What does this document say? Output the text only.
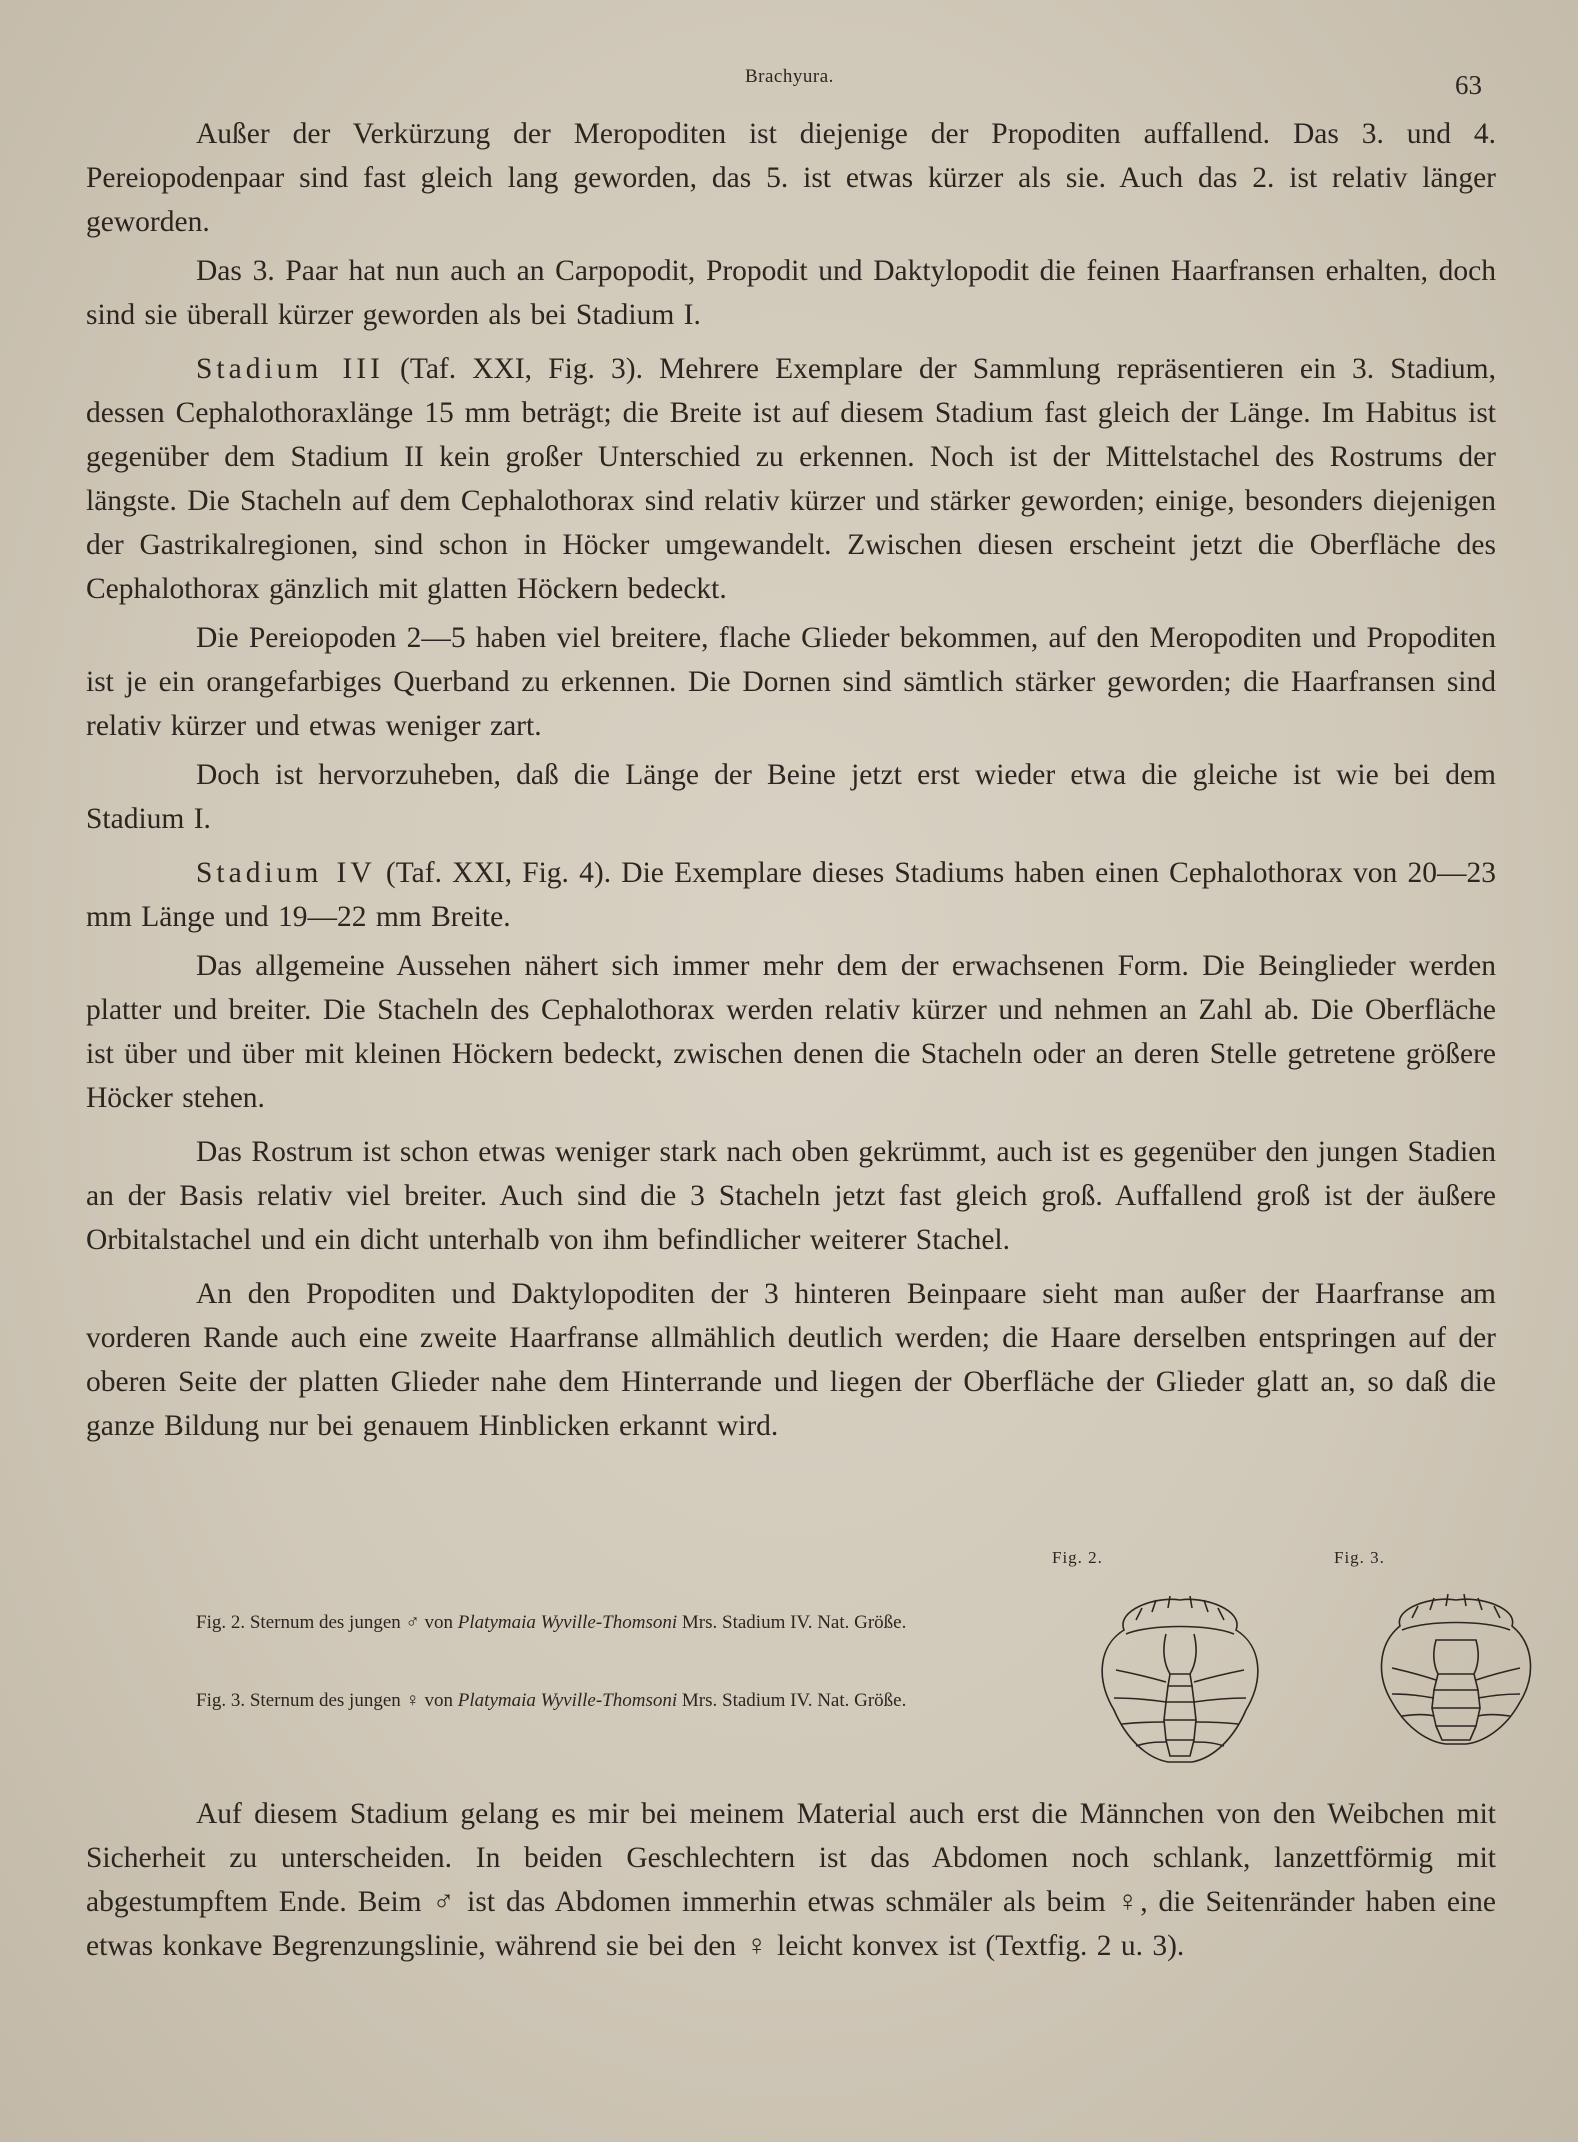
Brachyura.	63

Außer der Verkürzung der Meropoditen ist diejenige der Propoditen auffallend. Das 3. und 4. Pereiopodenpaar sind fast gleich lang geworden, das 5. ist etwas kürzer als sie. Auch das 2. ist relativ länger geworden.

Das 3. Paar hat nun auch an Carpopodit, Propodit und Daktylopodit die feinen Haarfransen erhalten, doch sind sie überall kürzer geworden als bei Stadium I.

Stadium III (Taf. XXI, Fig. 3). Mehrere Exemplare der Sammlung repräsentieren ein 3. Stadium, dessen Cephalothoraxlänge 15 mm beträgt; die Breite ist auf diesem Stadium fast gleich der Länge. Im Habitus ist gegenüber dem Stadium II kein großer Unterschied zu erkennen. Noch ist der Mittelstachel des Rostrums der längste. Die Stacheln auf dem Cephalothorax sind relativ kürzer und stärker geworden; einige, besonders diejenigen der Gastrikalregionen, sind schon in Höcker umgewandelt. Zwischen diesen erscheint jetzt die Oberfläche des Cephalothorax gänzlich mit glatten Höckern bedeckt.

Die Pereiopoden 2—5 haben viel breitere, flache Glieder bekommen, auf den Meropoditen und Propoditen ist je ein orangefarbiges Querband zu erkennen. Die Dornen sind sämtlich stärker geworden; die Haarfransen sind relativ kürzer und etwas weniger zart.

Doch ist hervorzuheben, daß die Länge der Beine jetzt erst wieder etwa die gleiche ist wie bei dem Stadium I.

Stadium IV (Taf. XXI, Fig. 4). Die Exemplare dieses Stadiums haben einen Cephalothorax von 20—23 mm Länge und 19—22 mm Breite.

Das allgemeine Aussehen nähert sich immer mehr dem der erwachsenen Form. Die Beinglieder werden platter und breiter. Die Stacheln des Cephalothorax werden relativ kürzer und nehmen an Zahl ab. Die Oberfläche ist über und über mit kleinen Höckern bedeckt, zwischen denen die Stacheln oder an deren Stelle getretene größere Höcker stehen.

Das Rostrum ist schon etwas weniger stark nach oben gekrümmt, auch ist es gegenüber den jungen Stadien an der Basis relativ viel breiter. Auch sind die 3 Stacheln jetzt fast gleich groß. Auffallend groß ist der äußere Orbitalstachel und ein dicht unterhalb von ihm befindlicher weiterer Stachel.

An den Propoditen und Daktylopoditen der 3 hinteren Beinpaare sieht man außer der Haarfranse am vorderen Rande auch eine zweite Haarfranse allmählich deutlich werden; die Haare derselben entspringen auf der oberen Seite der platten Glieder nahe dem Hinterrande und liegen der Oberfläche der Glieder glatt an, so daß die ganze Bildung nur bei genauem Hinblicken erkannt wird.

Fig. 2. Sternum des jungen ♂ von Platymaia Wyville-Thomsoni Mrs. Stadium IV. Nat. Größe.
Fig. 3. Sternum des jungen ♀ von Platymaia Wyville-Thomsoni Mrs. Stadium IV. Nat. Größe.
Fig. 2.	Fig. 3.

Auf diesem Stadium gelang es mir bei meinem Material auch erst die Männchen von den Weibchen mit Sicherheit zu unterscheiden. In beiden Geschlechtern ist das Abdomen noch schlank, lanzettförmig mit abgestumpftem Ende. Beim ♂ ist das Abdomen immerhin etwas schmäler als beim ♀, die Seitenränder haben eine etwas konkave Begrenzungslinie, während sie bei den ♀ leicht konvex ist (Textfig. 2 u. 3).
